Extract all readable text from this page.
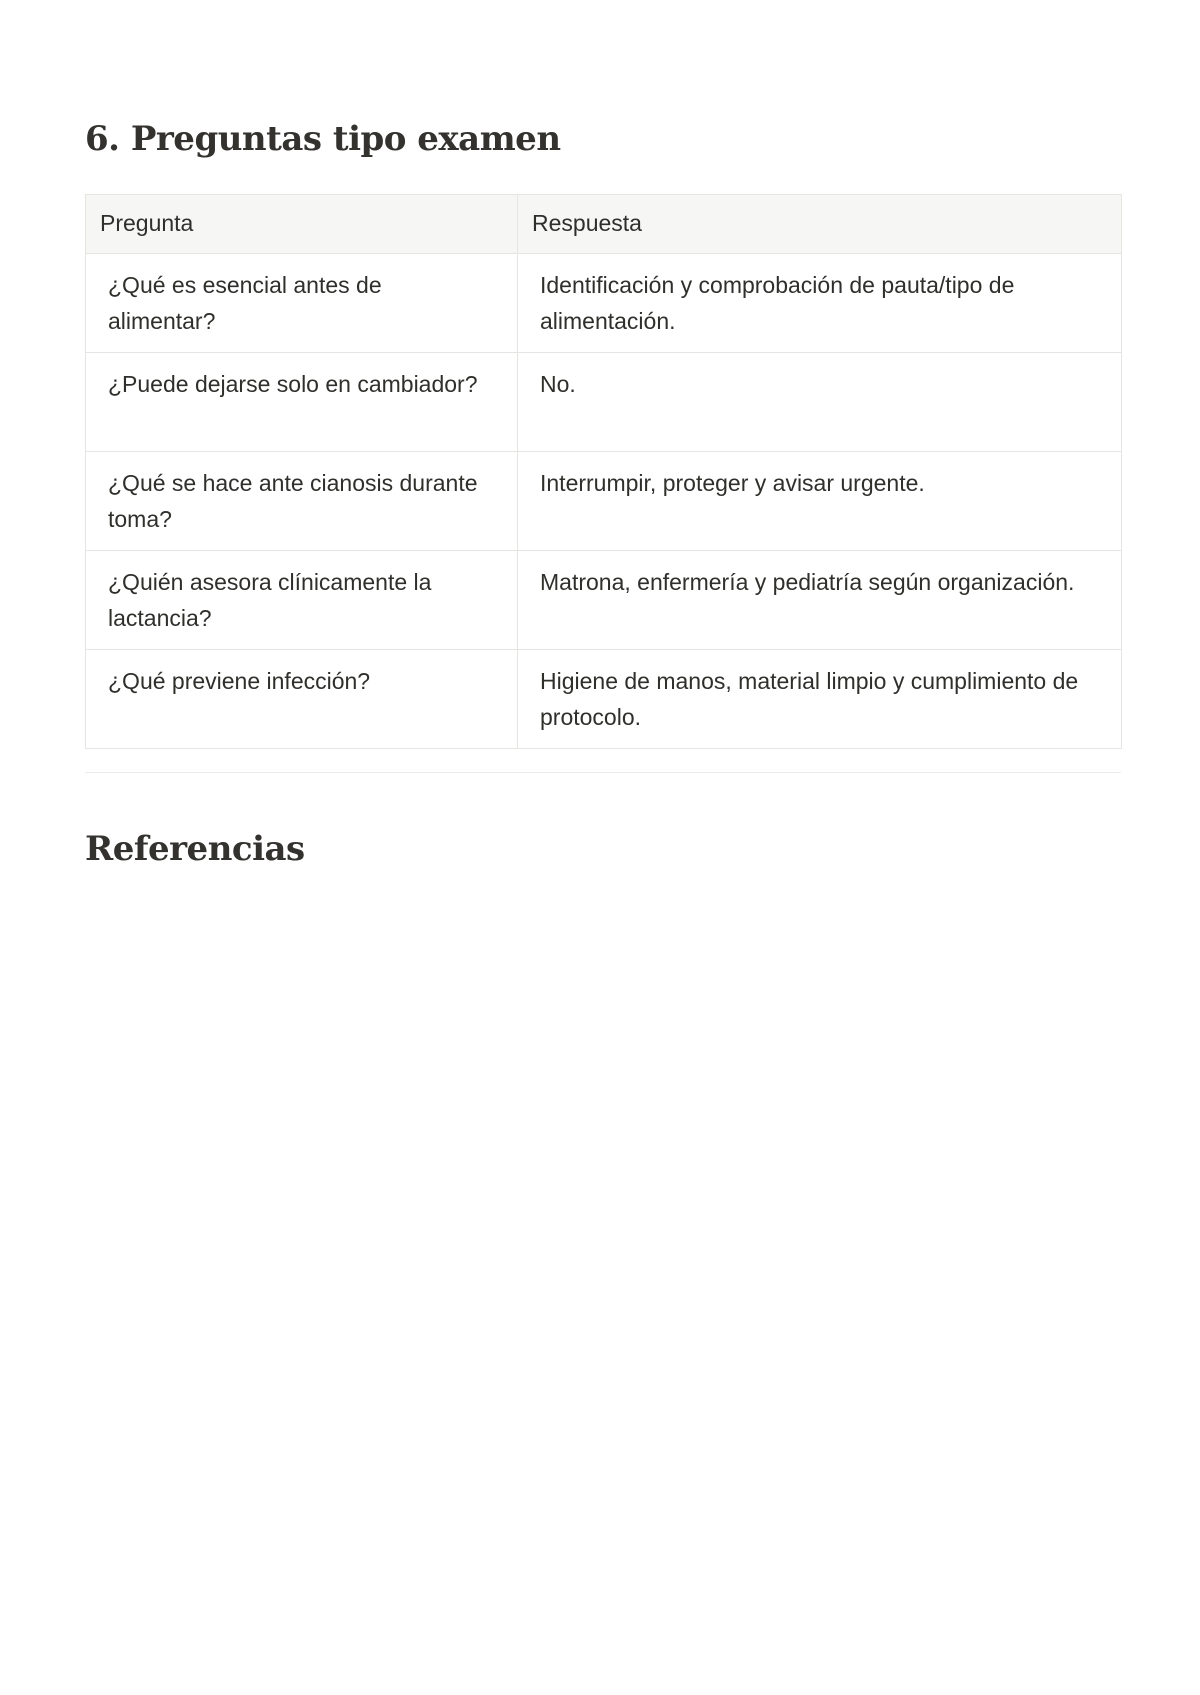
6. Preguntas tipo examen
Pregunta	Respuesta
¿Qué es esencial antes de alimentar?	Identificación y comprobación de pauta/tipo de alimentación.
¿Puede dejarse solo en cambiador?	No.
¿Qué se hace ante cianosis durante toma?	Interrumpir, proteger y avisar urgente.
¿Quién asesora clínicamente la lactancia?	Matrona, enfermería y pediatría según organización.
¿Qué previene infección?	Higiene de manos, material limpio y cumplimiento de protocolo.
Referencias
